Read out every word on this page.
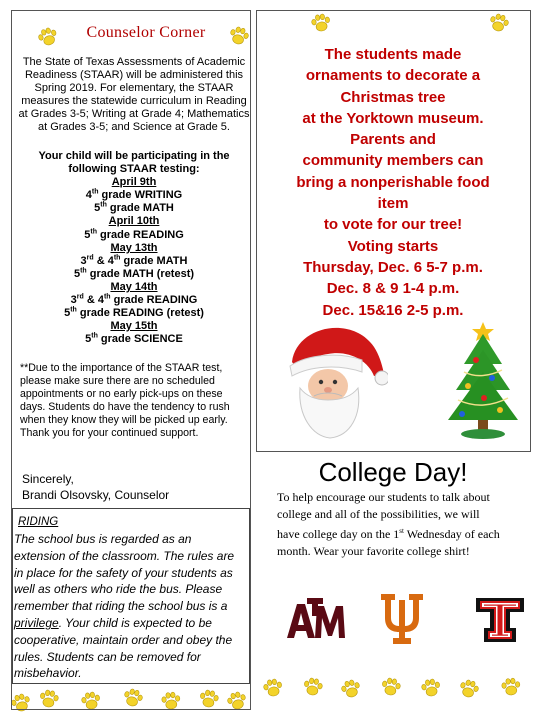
Counselor Corner
The State of Texas Assessments of Academic Readiness (STAAR) will be administered this Spring 2019. For elementary, the STAAR measures the statewide curriculum in Reading at Grades 3-5; Writing at Grade 4; Mathematics at Grades 3-5; and Science at Grade 5.
Your child will be participating in the following STAAR testing:
April 9th
4th grade WRITING
5th grade MATH
April 10th
5th grade READING
May 13th
3rd & 4th grade MATH
5th grade MATH (retest)
May 14th
3rd & 4th grade READING
5th grade READING (retest)
May 15th
5th grade SCIENCE
**Due to the importance of the STAAR test, please make sure there are no scheduled appointments or no early pick-ups on these days. Students do have the tendency to rush when they know they will be picked up early. Thank you for your continued support.
Sincerely,
Brandi Olsovsky, Counselor
RIDING
The school bus is regarded as an extension of the classroom. The rules are in place for the safety of your students as well as others who ride the bus. Please remember that riding the school bus is a privilege. Your child is expected to be cooperative, maintain order and obey the rules. Students can be removed for misbehavior.
The students made
ornaments to decorate a
Christmas tree
at the Yorktown museum.
Parents and
community members can
bring a nonperishable food
item
to vote for our tree!
Voting starts
Thursday, Dec. 6 5-7 p.m.
Dec. 8 & 9 1-4 p.m.
Dec. 15&16 2-5 p.m.
College Day!
To help encourage our students to talk about college and all of the possibilities, we will have college day on the 1st Wednesday of each month. Wear your favorite college shirt!
